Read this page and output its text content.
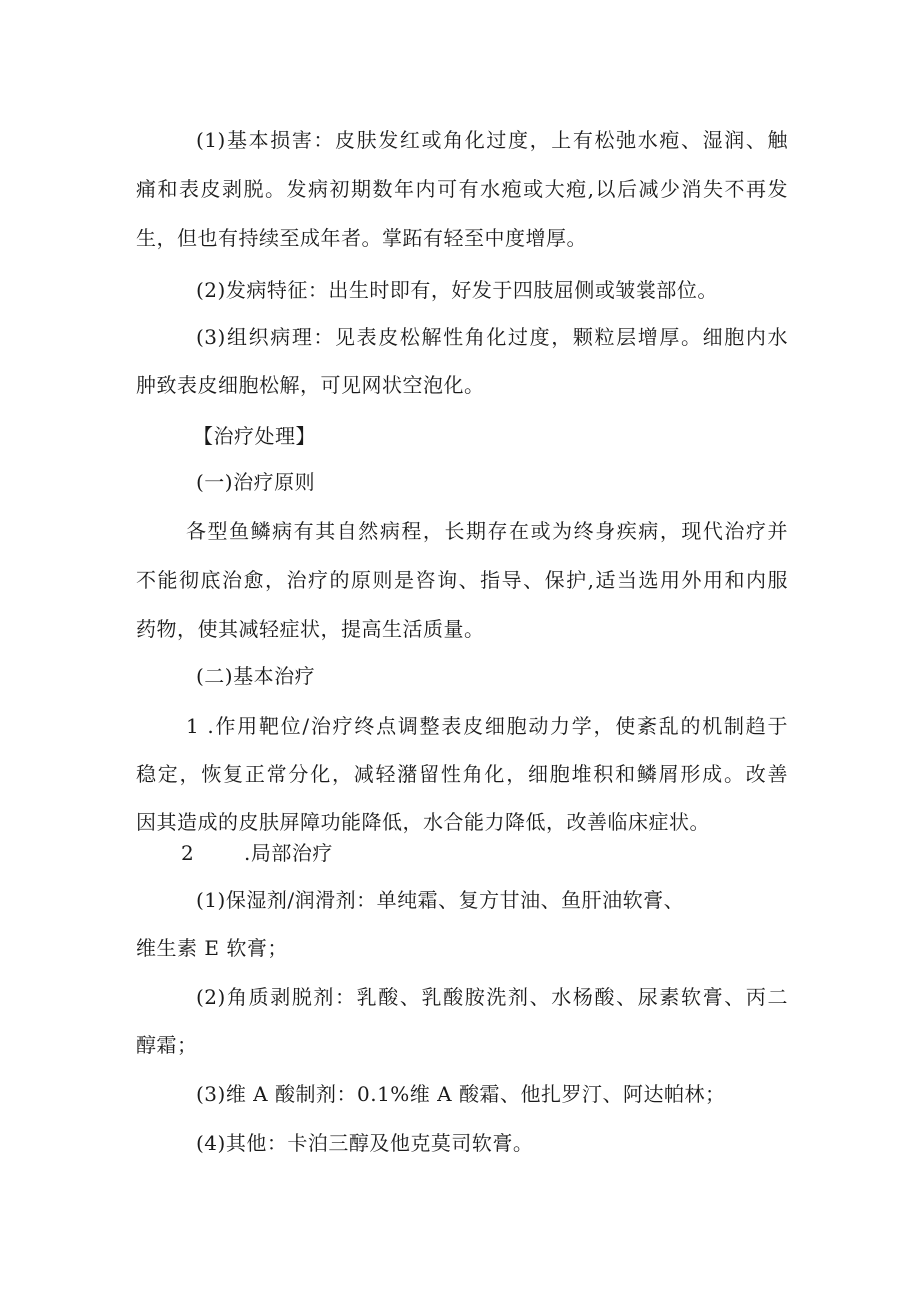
(1)基本损害：皮肤发红或角化过度，上有松弛水疱、湿润、触
痛和表皮剥脱。发病初期数年内可有水疱或大疱,以后减少消失不再发
生，但也有持续至成年者。掌跖有轻至中度增厚。
(2)发病特征：出生时即有，好发于四肢屈侧或皱裳部位。
(3)组织病理：见表皮松解性角化过度，颗粒层增厚。细胞内水
肿致表皮细胞松解，可见网状空泡化。
【治疗处理】
(一)治疗原则
各型鱼鳞病有其自然病程，长期存在或为终身疾病，现代治疗并
不能彻底治愈，治疗的原则是咨询、指导、保护,适当选用外用和内服
药物，使其减轻症状，提高生活质量。
(二)基本治疗
1 .作用靶位/治疗终点调整表皮细胞动力学，使紊乱的机制趋于
稳定，恢复正常分化，减轻潴留性角化，细胞堆积和鳞屑形成。改善
因其造成的皮肤屏障功能降低，水合能力降低，改善临床症状。
2	.局部治疗
(1)保湿剂/润滑剂：单纯霜、复方甘油、鱼肝油软膏、
维生素 E 软膏；
(2)角质剥脱剂：乳酸、乳酸胺洗剂、水杨酸、尿素软膏、丙二
醇霜；
(3)维 A 酸制剂：0.1%维 A 酸霜、他扎罗汀、阿达帕林；
(4)其他：卡泊三醇及他克莫司软膏。
